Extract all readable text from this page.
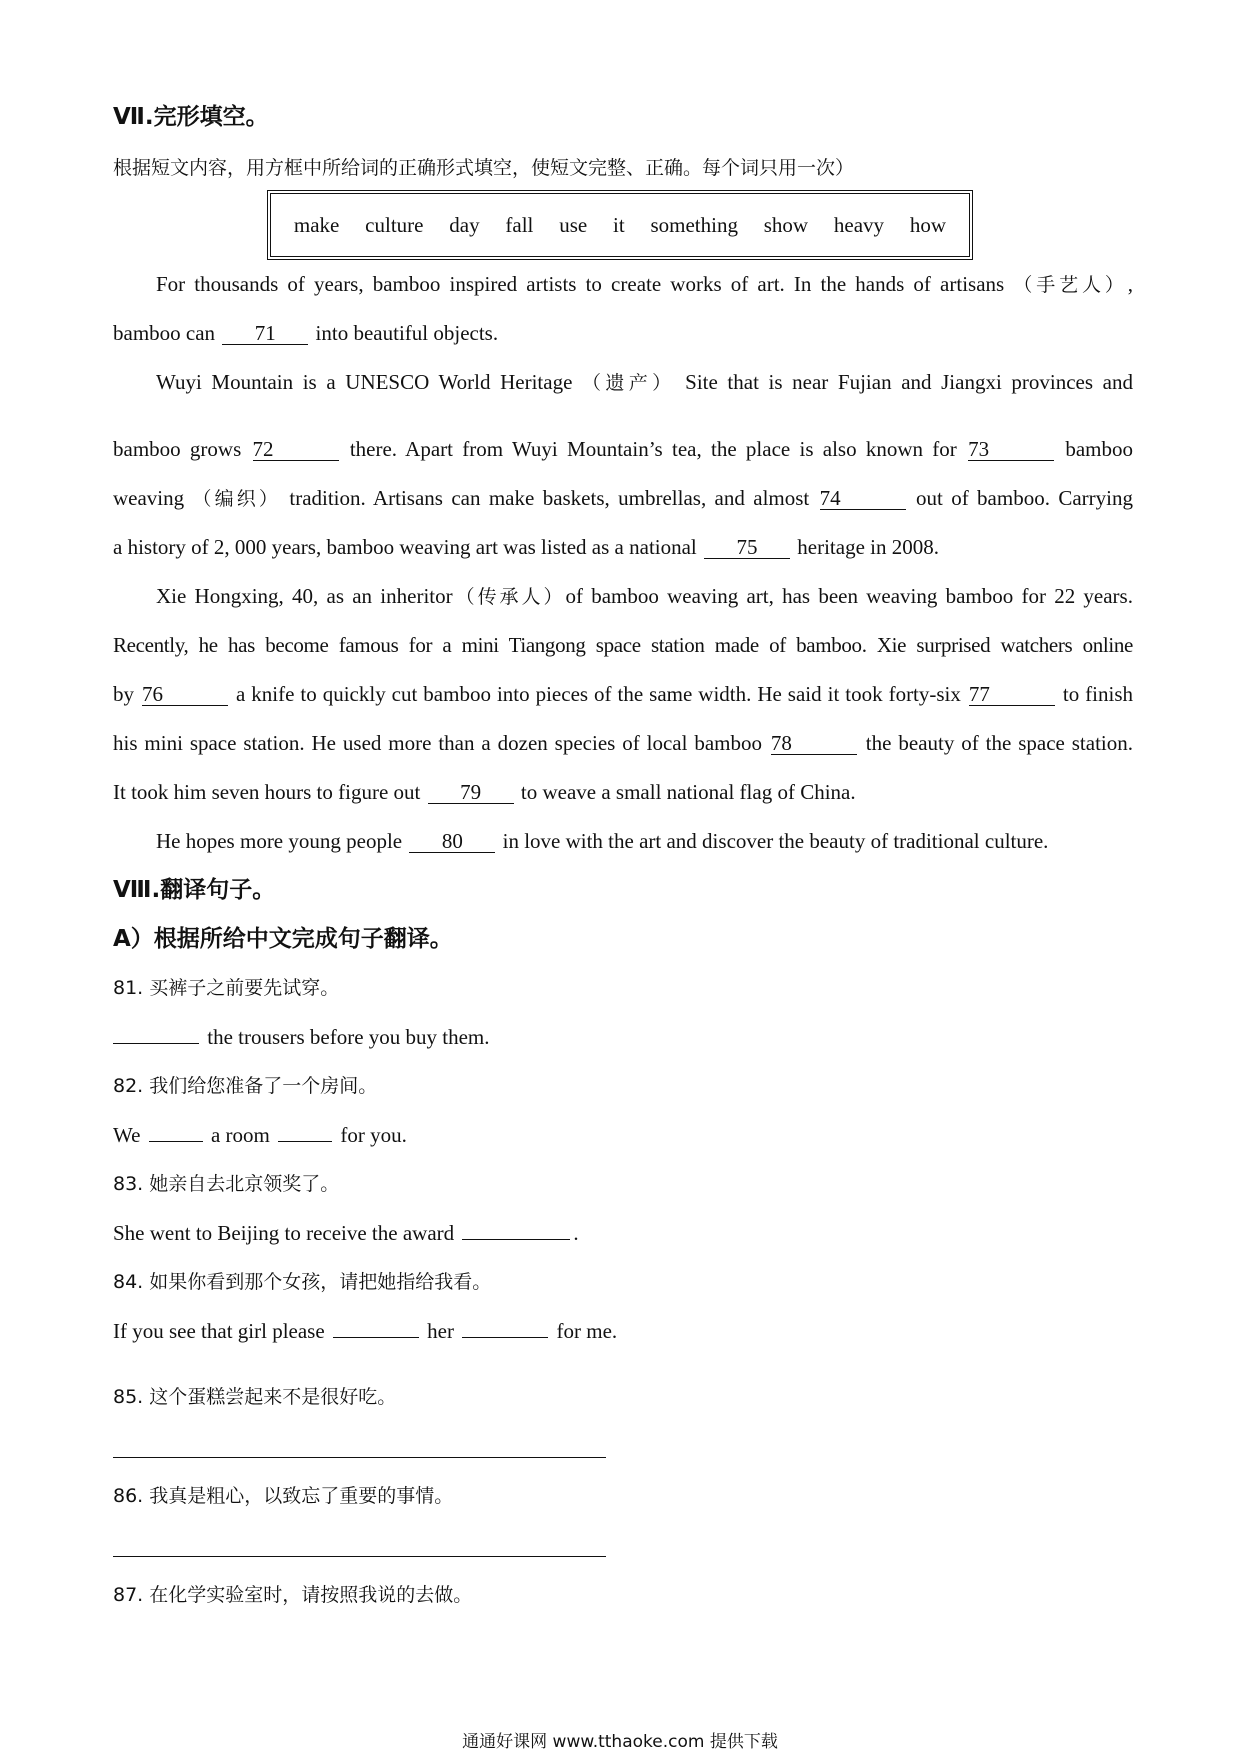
Ⅶ.完形填空。
根据短文内容，用方框中所给词的正确形式填空，使短文完整、正确。每个词只用一次）
make culture day fall use it something show heavy how
For thousands of years, bamboo inspired artists to create works of art. In the hands of artisans （手艺人）,
bamboo can 71 into beautiful objects.
Wuyi Mountain is a UNESCO World Heritage （遗产） Site that is near Fujian and Jiangxi provinces and
bamboo grows 72	there. Apart from Wuyi Mountain’s tea, the place is also known for 73	bamboo
weaving （编织） tradition. Artisans can make baskets, umbrellas, and almost 74	out of bamboo. Carrying
a history of 2, 000 years, bamboo weaving art was listed as a national 75 heritage in 2008.
Xie Hongxing, 40, as an inheritor（传承人）of bamboo weaving art, has been weaving bamboo for 22 years.
Recently, he has become famous for a mini Tiangong space station made of bamboo. Xie surprised watchers online
by 76	a knife to quickly cut bamboo into pieces of the same width. He said it took forty-six 77	to finish
his mini space station. He used more than a dozen species of local bamboo 78	the beauty of the space station.
It took him seven hours to figure out 79 to weave a small national flag of China.
He hopes more young people 80 in love with the art and discover the beauty of traditional culture.
Ⅷ.翻译句子。
A）根据所给中文完成句子翻译。
81. 买裤子之前要先试穿。
the trousers before you buy them.
82. 我们给您准备了一个房间。
We	a room	for you.
83. 她亲自去北京领奖了。
She went to Beijing to receive the award	.
84. 如果你看到那个女孩，请把她指给我看。
If you see that girl please	her	for me.
85. 这个蛋糕尝起来不是很好吃。
86. 我真是粗心，以致忘了重要的事情。
87. 在化学实验室时，请按照我说的去做。
通通好课网 www.tthaoke.com 提供下载
